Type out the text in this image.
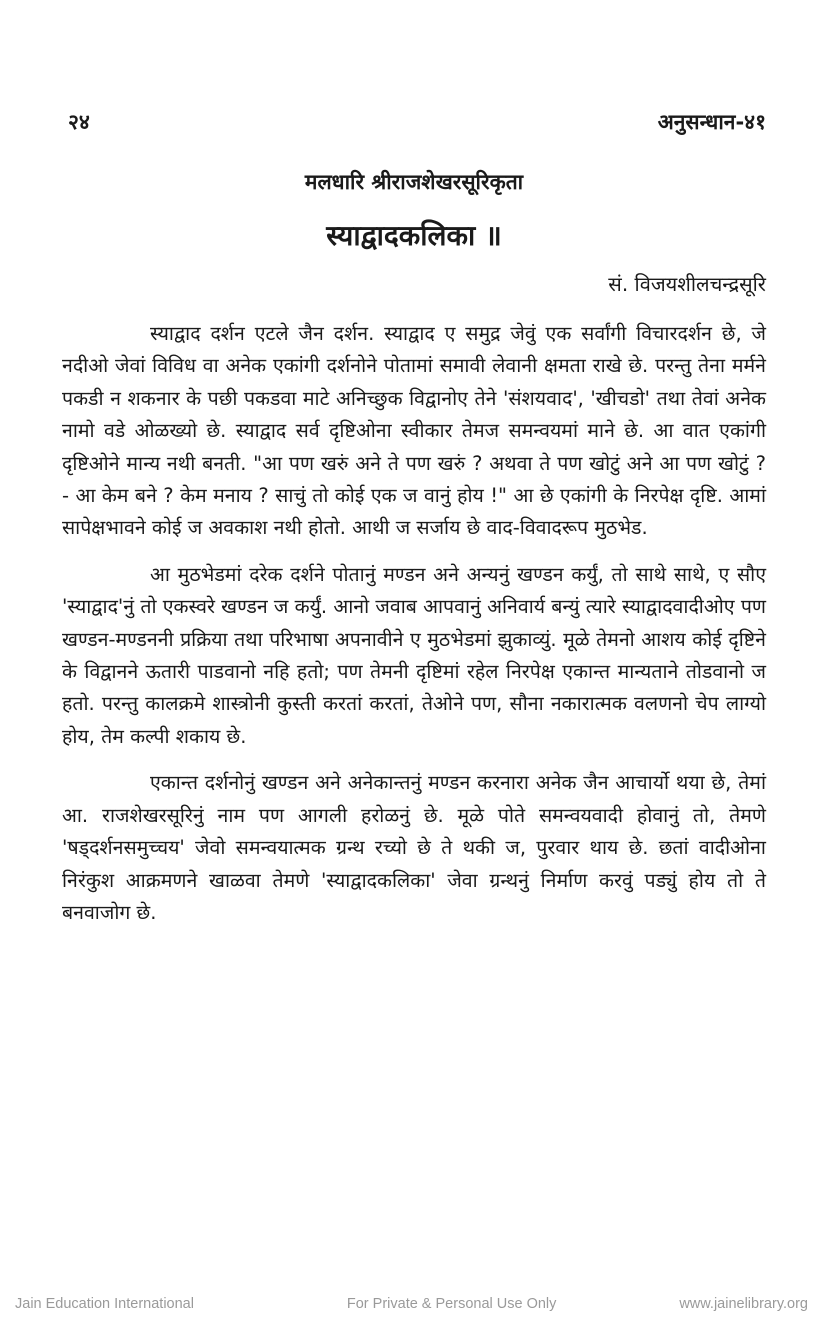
२४	अनुसन्धान-४१
मलधारि श्रीराजशेखरसूरिकृता
स्याद्वादकलिका ॥
सं. विजयशीलचन्द्रसूरि

स्याद्वाद दर्शन एटले जैन दर्शन. स्याद्वाद ए समुद्र जेवुं एक सर्वांगी विचारदर्शन छे, जे नदीओ जेवां विविध वा अनेक एकांगी दर्शनोने पोतामां समावी लेवानी क्षमता राखे छे. परन्तु तेना मर्मने पकडी न शकनार के पछी पकडवा माटे अनिच्छुक विद्वानोए तेने 'संशयवाद', 'खीचडो' तथा तेवां अनेक नामो वडे ओळख्यो छे. स्याद्वाद सर्व दृष्टिओना स्वीकार तेमज समन्वयमां माने छे. आ वात एकांगी दृष्टिओने मान्य नथी बनती. "आ पण खरुं अने ते पण खरुं ? अथवा ते पण खोटुं अने आ पण खोटुं ? - आ केम बने ? केम मनाय ? साचुं तो कोई एक ज वानुं होय !" आ छे एकांगी के निरपेक्ष दृष्टि. आमां सापेक्षभावने कोई ज अवकाश नथी होतो. आथी ज सर्जाय छे वाद-विवादरूप मुठभेड.

आ मुठभेडमां दरेक दर्शने पोतानुं मण्डन अने अन्यनुं खण्डन कर्युं, तो साथे साथे, ए सौए 'स्याद्वाद'नुं तो एकस्वरे खण्डन ज कर्युं. आनो जवाब आपवानुं अनिवार्य बन्युं त्यारे स्याद्वादवादीओए पण खण्डन-मण्डननी प्रक्रिया तथा परिभाषा अपनावीने ए मुठभेडमां झुकाव्युं. मूळे तेमनो आशय कोई दृष्टिने के विद्वानने ऊतारी पाडवानो नहि हतो; पण तेमनी दृष्टिमां रहेल निरपेक्ष एकान्त मान्यताने तोडवानो ज हतो. परन्तु कालक्रमे शास्त्रोनी कुस्ती करतां करतां, तेओने पण, सौना नकारात्मक वलणनो चेप लाग्यो होय, तेम कल्पी शकाय छे.

एकान्त दर्शनोनुं खण्डन अने अनेकान्तनुं मण्डन करनारा अनेक जैन आचार्यो थया छे, तेमां आ. राजशेखरसूरिनुं नाम पण आगली हरोळनुं छे. मूळे पोते समन्वयवादी होवानुं तो, तेमणे 'षड्दर्शनसमुच्चय' जेवो समन्वयात्मक ग्रन्थ रच्यो छे ते थकी ज, पुरवार थाय छे. छतां वादीओना निरंकुश आक्रमणने खाळवा तेमणे 'स्याद्वादकलिका' जेवा ग्रन्थनुं निर्माण करवुं पड्युं होय तो ते बनवाजोग छे.

Jain Education International	For Private & Personal Use Only	www.jainelibrary.org
